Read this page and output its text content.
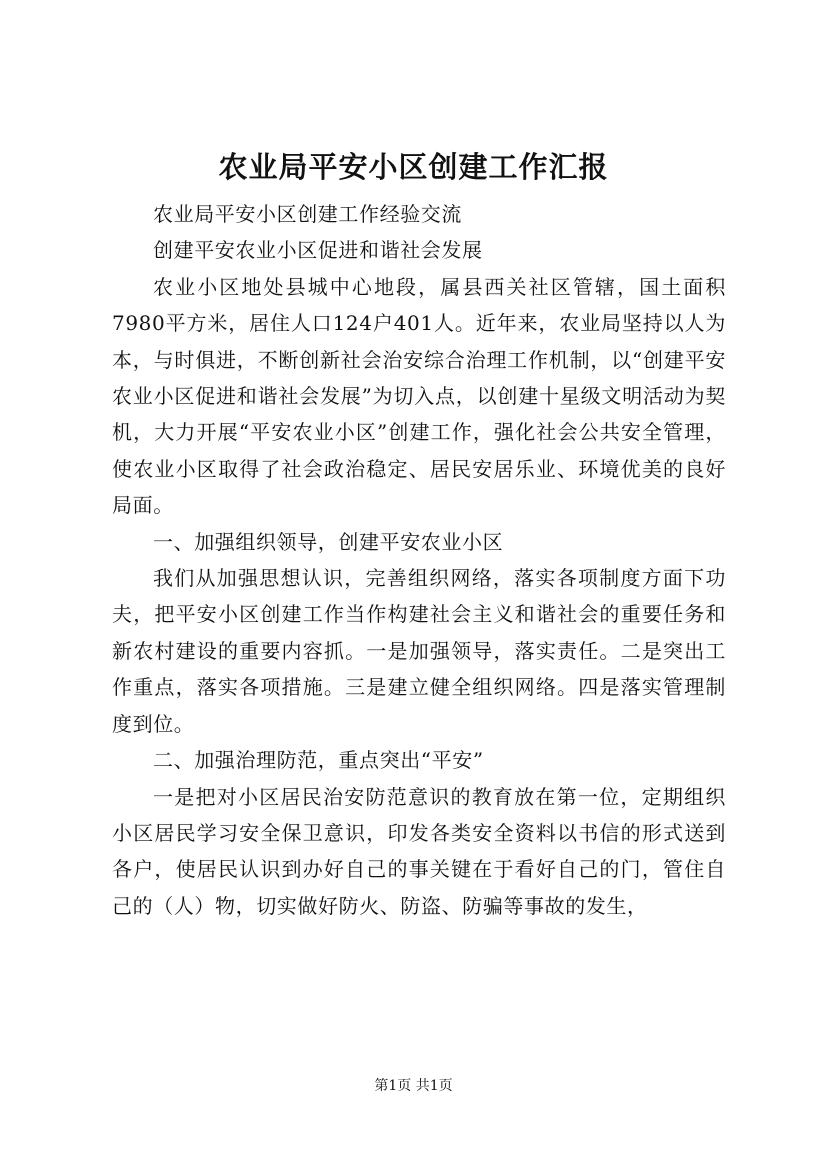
农业局平安小区创建工作汇报

农业局平安小区创建工作经验交流

创建平安农业小区促进和谐社会发展

农业小区地处县城中心地段，属县西关社区管辖，国土面积7980平方米，居住人口124户401人。近年来，农业局坚持以人为本，与时俱进，不断创新社会治安综合治理工作机制，以“创建平安农业小区促进和谐社会发展”为切入点，以创建十星级文明活动为契机，大力开展“平安农业小区”创建工作，强化社会公共安全管理，使农业小区取得了社会政治稳定、居民安居乐业、环境优美的良好局面。

一、加强组织领导，创建平安农业小区

我们从加强思想认识，完善组织网络，落实各项制度方面下功夫，把平安小区创建工作当作构建社会主义和谐社会的重要任务和新农村建设的重要内容抓。一是加强领导，落实责任。二是突出工作重点，落实各项措施。三是建立健全组织网络。四是落实管理制度到位。

二、加强治理防范，重点突出“平安”

一是把对小区居民治安防范意识的教育放在第一位，定期组织小区居民学习安全保卫意识，印发各类安全资料以书信的形式送到各户，使居民认识到办好自己的事关键在于看好自己的门，管住自己的（人）物，切实做好防火、防盗、防骗等事故的发生，

第1页 共1页
